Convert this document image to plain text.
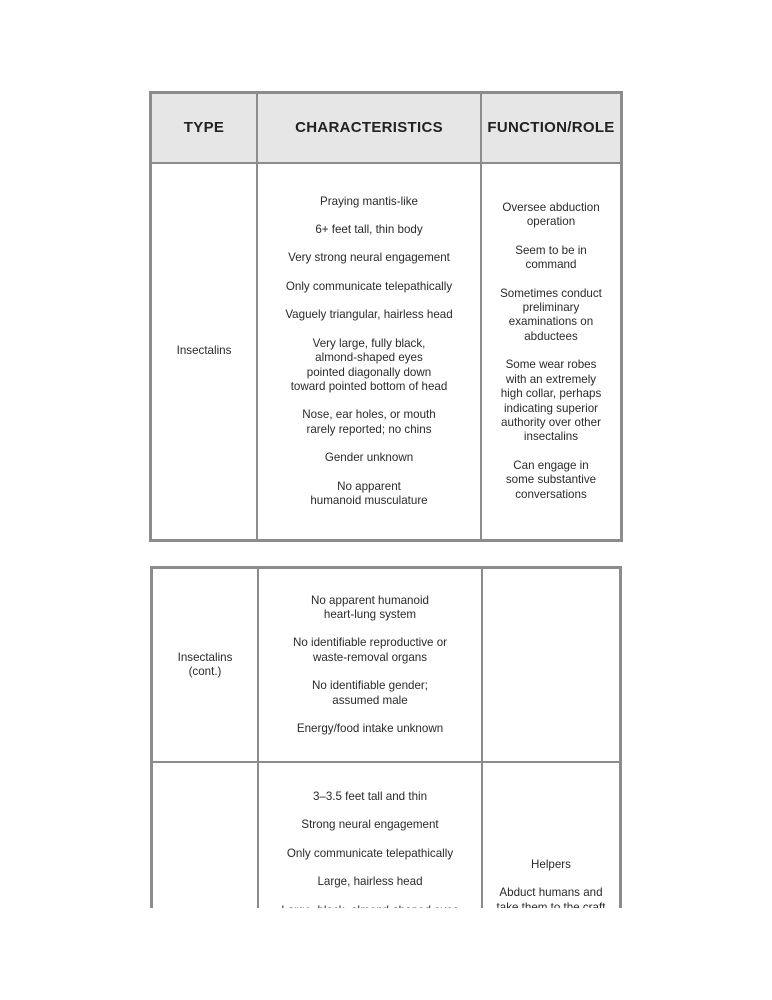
TYPE	CHARACTERISTICS	FUNCTION/ROLE

Insectalins

Praying mantis-like

6+ feet tall, thin body

Very strong neural engagement

Only communicate telepathically

Vaguely triangular, hairless head

Very large, fully black,
almond-shaped eyes
pointed diagonally down
toward pointed bottom of head

Nose, ear holes, or mouth
rarely reported; no chins

Gender unknown

No apparent
humanoid musculature

Oversee abduction
operation

Seem to be in
command

Sometimes conduct
preliminary
examinations on
abductees

Some wear robes
with an extremely
high collar, perhaps
indicating superior
authority over other
insectalins

Can engage in
some substantive
conversations

Insectalins
(cont.)

No apparent humanoid
heart-lung system

No identifiable reproductive or
waste-removal organs

No identifiable gender;
assumed male

Energy/food intake unknown

3–3.5 feet tall and thin

Strong neural engagement

Only communicate telepathically

Large, hairless head

Helpers

Abduct humans and
